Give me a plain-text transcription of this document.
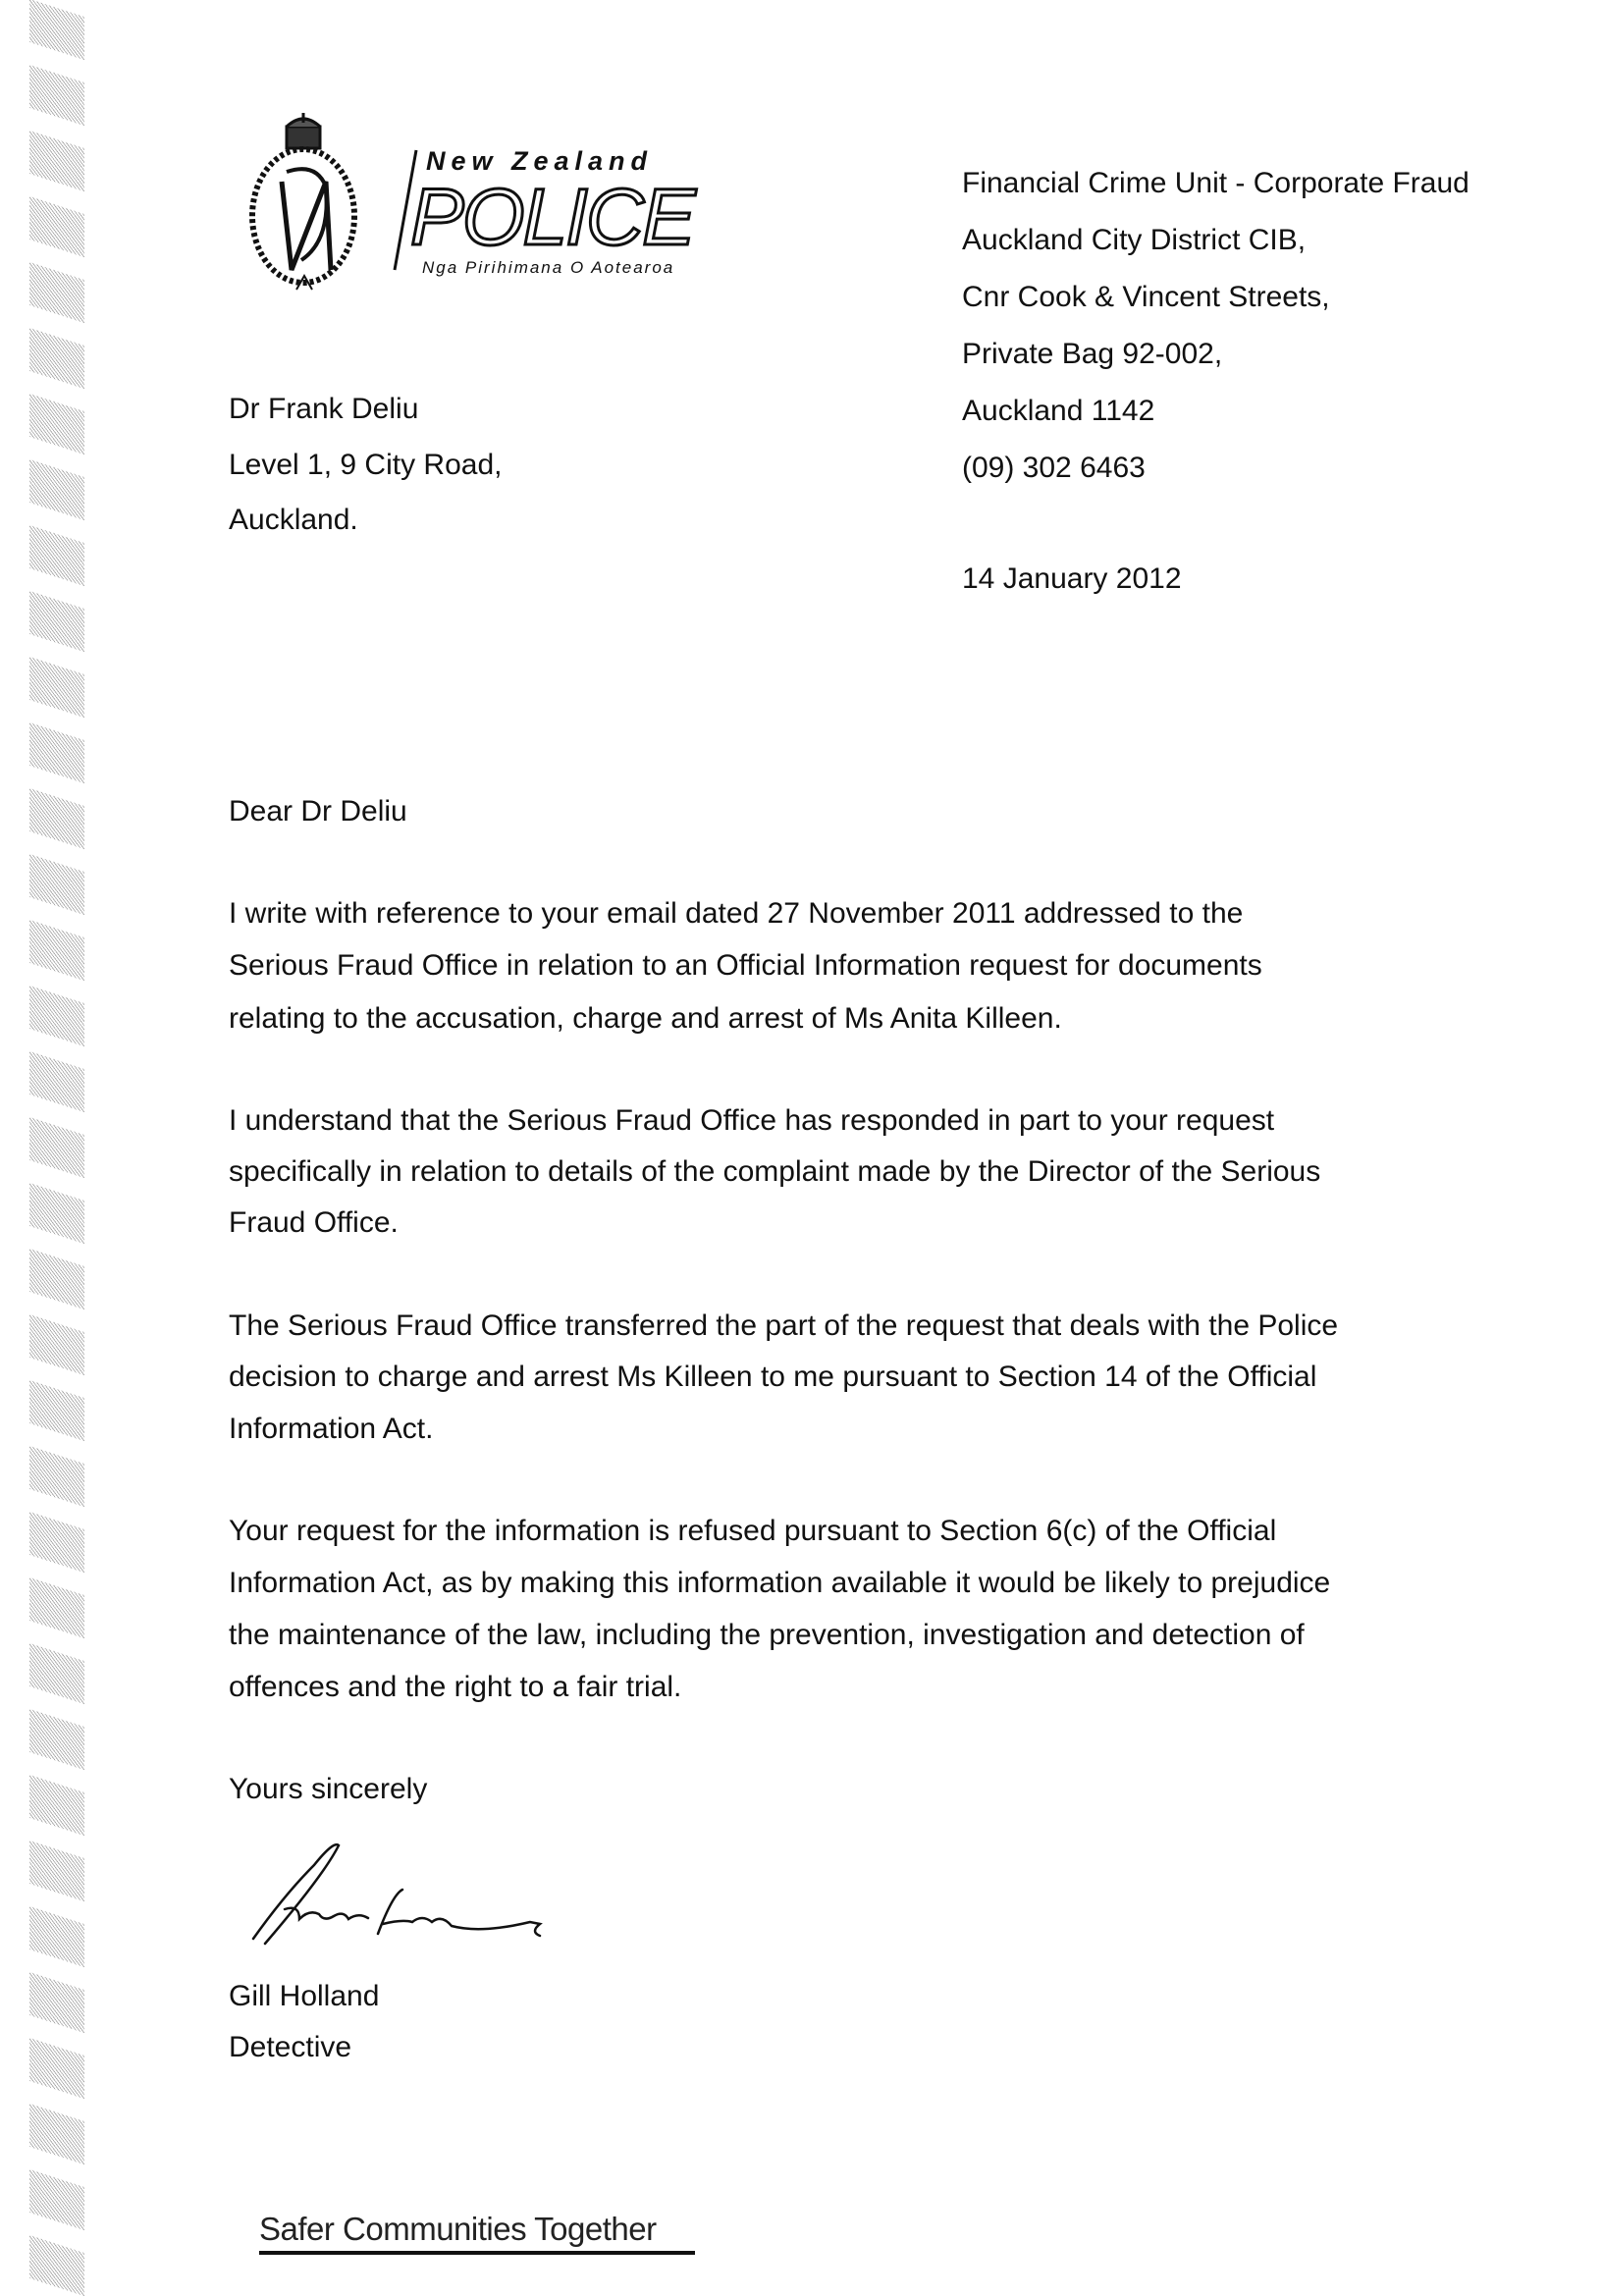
New Zealand
POLICE
Nga Pirihimana O Aotearoa
Financial Crime Unit - Corporate Fraud
Auckland City District CIB,
Cnr Cook & Vincent Streets,
Private Bag 92-002,
Auckland 1142
(09) 302 6463
14 January 2012
Dr Frank Deliu
Level 1, 9 City Road,
Auckland.
Dear Dr Deliu
I write with reference to your email dated 27 November 2011 addressed to the
Serious Fraud Office in relation to an Official Information request for documents
relating to the accusation, charge and arrest of Ms Anita Killeen.
I understand that the Serious Fraud Office has responded in part to your request
specifically in relation to details of the complaint made by the Director of the Serious
Fraud Office.
The Serious Fraud Office transferred the part of the request that deals with the Police
decision to charge and arrest Ms Killeen to me pursuant to Section 14 of the Official
Information Act.
Your request for the information is refused pursuant to Section 6(c) of the Official
Information Act, as by making this information available it would be likely to prejudice
the maintenance of the law, including the prevention, investigation and detection of
offences and the right to a fair trial.
Yours sincerely
Gill Holland
Detective
Safer Communities Together
